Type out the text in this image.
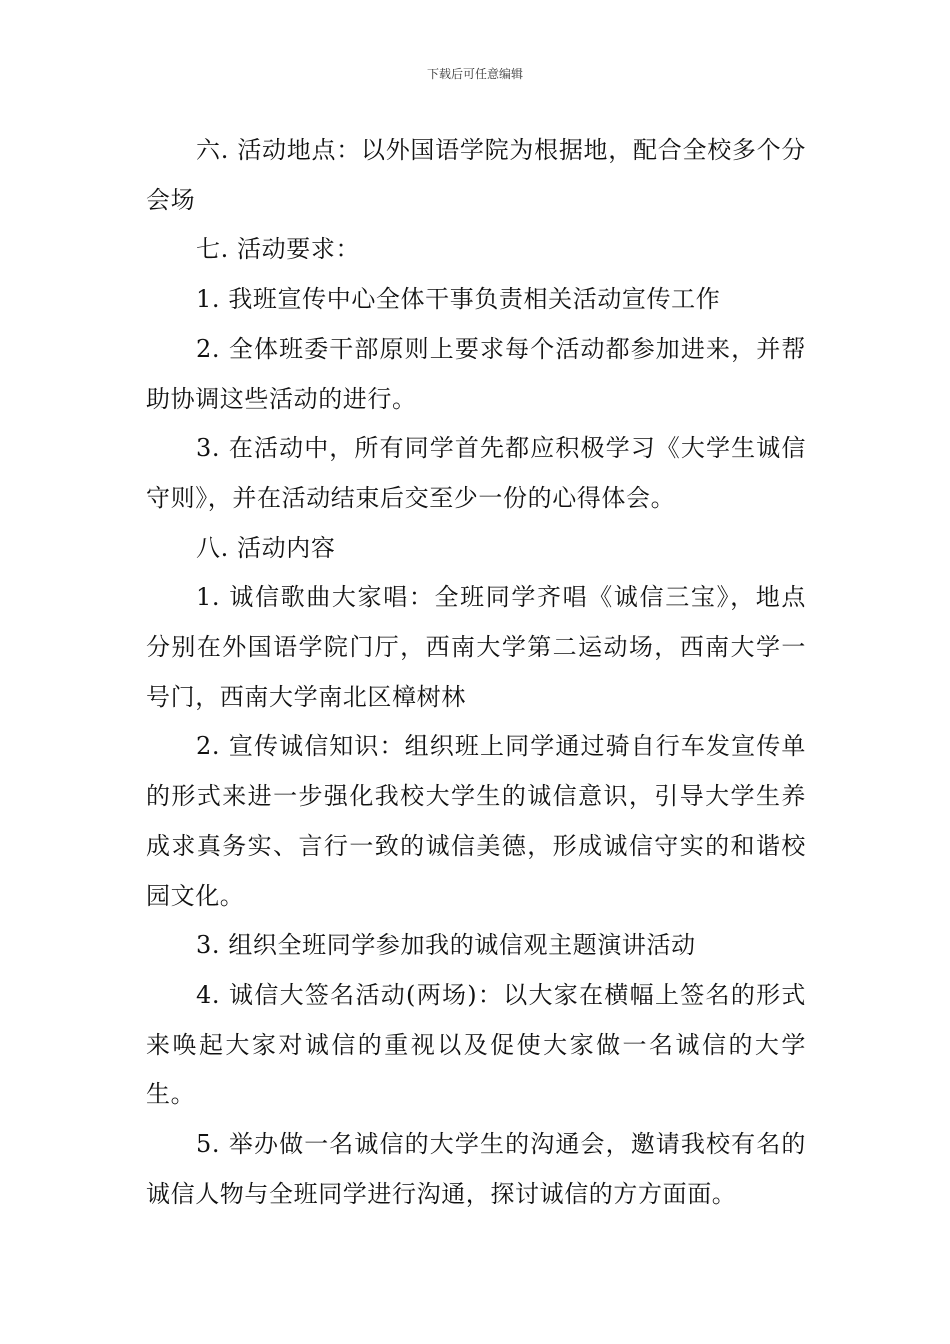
下载后可任意编辑

六. 活动地点：以外国语学院为根据地，配合全校多个分会场

七. 活动要求：

1. 我班宣传中心全体干事负责相关活动宣传工作

2. 全体班委干部原则上要求每个活动都参加进来，并帮助协调这些活动的进行。

3. 在活动中，所有同学首先都应积极学习《大学生诚信守则》，并在活动结束后交至少一份的心得体会。

八. 活动内容

1. 诚信歌曲大家唱：全班同学齐唱《诚信三宝》，地点分别在外国语学院门厅，西南大学第二运动场，西南大学一号门，西南大学南北区樟树林

2. 宣传诚信知识：组织班上同学通过骑自行车发宣传单的形式来进一步强化我校大学生的诚信意识，引导大学生养成求真务实、言行一致的诚信美德，形成诚信守实的和谐校园文化。

3. 组织全班同学参加我的诚信观主题演讲活动

4. 诚信大签名活动(两场)：以大家在横幅上签名的形式来唤起大家对诚信的重视以及促使大家做一名诚信的大学生。

5. 举办做一名诚信的大学生的沟通会，邀请我校有名的诚信人物与全班同学进行沟通，探讨诚信的方方面面。
